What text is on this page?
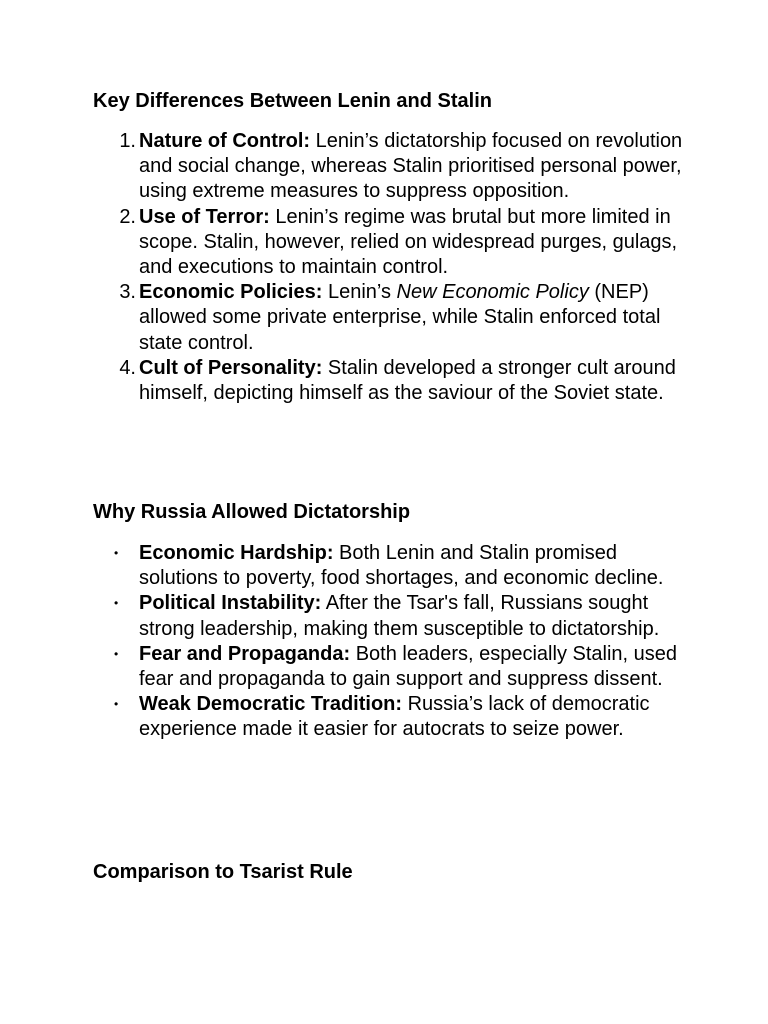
Key Differences Between Lenin and Stalin
1. Nature of Control: Lenin’s dictatorship focused on revolution and social change, whereas Stalin prioritised personal power, using extreme measures to suppress opposition.
2. Use of Terror: Lenin’s regime was brutal but more limited in scope. Stalin, however, relied on widespread purges, gulags, and executions to maintain control.
3. Economic Policies: Lenin’s New Economic Policy (NEP) allowed some private enterprise, while Stalin enforced total state control.
4. Cult of Personality: Stalin developed a stronger cult around himself, depicting himself as the saviour of the Soviet state.
Why Russia Allowed Dictatorship
• Economic Hardship: Both Lenin and Stalin promised solutions to poverty, food shortages, and economic decline.
• Political Instability: After the Tsar's fall, Russians sought strong leadership, making them susceptible to dictatorship.
• Fear and Propaganda: Both leaders, especially Stalin, used fear and propaganda to gain support and suppress dissent.
• Weak Democratic Tradition: Russia’s lack of democratic experience made it easier for autocrats to seize power.
Comparison to Tsarist Rule
